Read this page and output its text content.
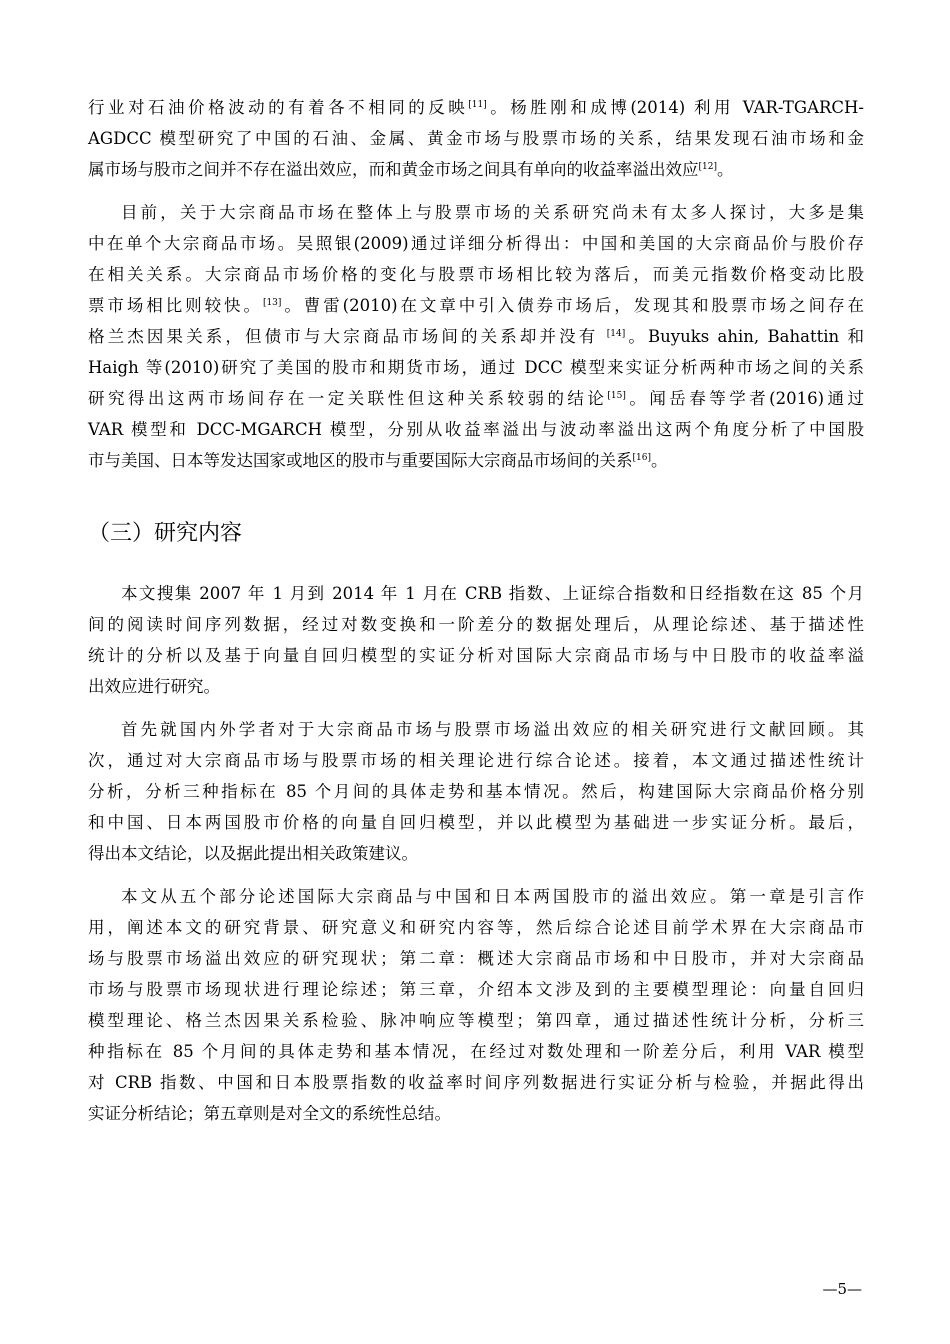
行业对石油价格波动的有着各不相同的反映[11]。杨胜刚和成博(2014) 利用 VAR-TGARCH-
AGDCC 模型研究了中国的石油、金属、黄金市场与股票市场的关系，结果发现石油市场和金
属市场与股市之间并不存在溢出效应，而和黄金市场之间具有单向的收益率溢出效应[12]。
目前，关于大宗商品市场在整体上与股票市场的关系研究尚未有太多人探讨，大多是集
中在单个大宗商品市场。吴照银(2009)通过详细分析得出：中国和美国的大宗商品价与股价存
在相关关系。大宗商品市场价格的变化与股票市场相比较为落后，而美元指数价格变动比股
票市场相比则较快。[13]。曹雷(2010)在文章中引入债券市场后，发现其和股票市场之间存在
格兰杰因果关系，但债市与大宗商品市场间的关系却并没有 [14]。Buyuks ahin, Bahattin 和
Haigh 等(2010)研究了美国的股市和期货市场，通过 DCC 模型来实证分析两种市场之间的关系
研究得出这两市场间存在一定关联性但这种关系较弱的结论[15]。闻岳春等学者(2016)通过
VAR 模型和 DCC-MGARCH 模型，分别从收益率溢出与波动率溢出这两个角度分析了中国股
市与美国、日本等发达国家或地区的股市与重要国际大宗商品市场间的关系[16]。
（三）研究内容
本文搜集 2007 年 1 月到 2014 年 1 月在 CRB 指数、上证综合指数和日经指数在这 85 个月
间的阅读时间序列数据，经过对数变换和一阶差分的数据处理后，从理论综述、基于描述性
统计的分析以及基于向量自回归模型的实证分析对国际大宗商品市场与中日股市的收益率溢
出效应进行研究。
首先就国内外学者对于大宗商品市场与股票市场溢出效应的相关研究进行文献回顾。其
次，通过对大宗商品市场与股票市场的相关理论进行综合论述。接着，本文通过描述性统计
分析，分析三种指标在 85 个月间的具体走势和基本情况。然后，构建国际大宗商品价格分别
和中国、日本两国股市价格的向量自回归模型，并以此模型为基础进一步实证分析。最后，
得出本文结论，以及据此提出相关政策建议。
本文从五个部分论述国际大宗商品与中国和日本两国股市的溢出效应。第一章是引言作
用，阐述本文的研究背景、研究意义和研究内容等，然后综合论述目前学术界在大宗商品市
场与股票市场溢出效应的研究现状；第二章：概述大宗商品市场和中日股市，并对大宗商品
市场与股票市场现状进行理论综述；第三章，介绍本文涉及到的主要模型理论：向量自回归
模型理论、格兰杰因果关系检验、脉冲响应等模型；第四章，通过描述性统计分析，分析三
种指标在 85 个月间的具体走势和基本情况，在经过对数处理和一阶差分后，利用 VAR 模型
对 CRB 指数、中国和日本股票指数的收益率时间序列数据进行实证分析与检验，并据此得出
实证分析结论；第五章则是对全文的系统性总结。
—5—
